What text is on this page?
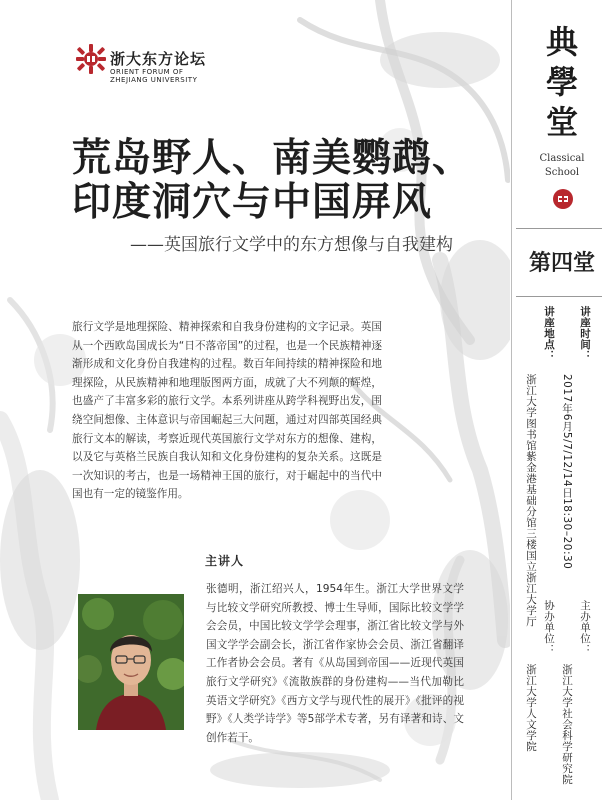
浙大东方论坛
ORIENT FORUM OF
ZHEJIANG UNIVERSITY
荒岛野人、南美鹦鹉、
印度洞穴与中国屏风
——英国旅行文学中的东方想像与自我建构
旅行文学是地理探险、精神探索和自我身份建构的文字记录。英国从一个西欧岛国成长为“日不落帝国”的过程，也是一个民族精神逐渐形成和文化身份自我建构的过程。数百年间持续的精神探险和地理探险，从民族精神和地理版图两方面，成就了大不列颠的辉煌，也盛产了丰富多彩的旅行文学。本系列讲座从跨学科视野出发，围绕空间想像、主体意识与帝国崛起三大问题，通过对四部英国经典旅行文本的解读，考察近现代英国旅行文学对东方的想像、建构，以及它与英格兰民族自我认知和文化身份建构的复杂关系。这既是一次知识的考古，也是一场精神王国的旅行，对于崛起中的当代中国也有一定的镜鉴作用。
主讲人
张德明，浙江绍兴人，1954年生。浙江大学世界文学与比较文学研究所教授、博士生导师，国际比较文学学会会员，中国比较文学学会理事，浙江省比较文学与外国文学学会副会长，浙江省作家协会会员、浙江省翻译工作者协会会员。著有《从岛国到帝国——近现代英国旅行文学研究》《流散族群的身份建构——当代加勒比英语文学研究》《西方文学与现代性的展开》《批评的视野》《人类学诗学》等5部学术专著，另有译著和诗、文创作若干。
典
學
堂
Classical
School
第四堂
讲座时间：
2017年6月5/7/12/14日18:30–20:30
讲座地点：
浙江大学图书馆紫金港基础分馆三楼国立浙江大学厅
主办单位：
浙江大学社会科学研究院
协办单位：
浙江大学人文学院
